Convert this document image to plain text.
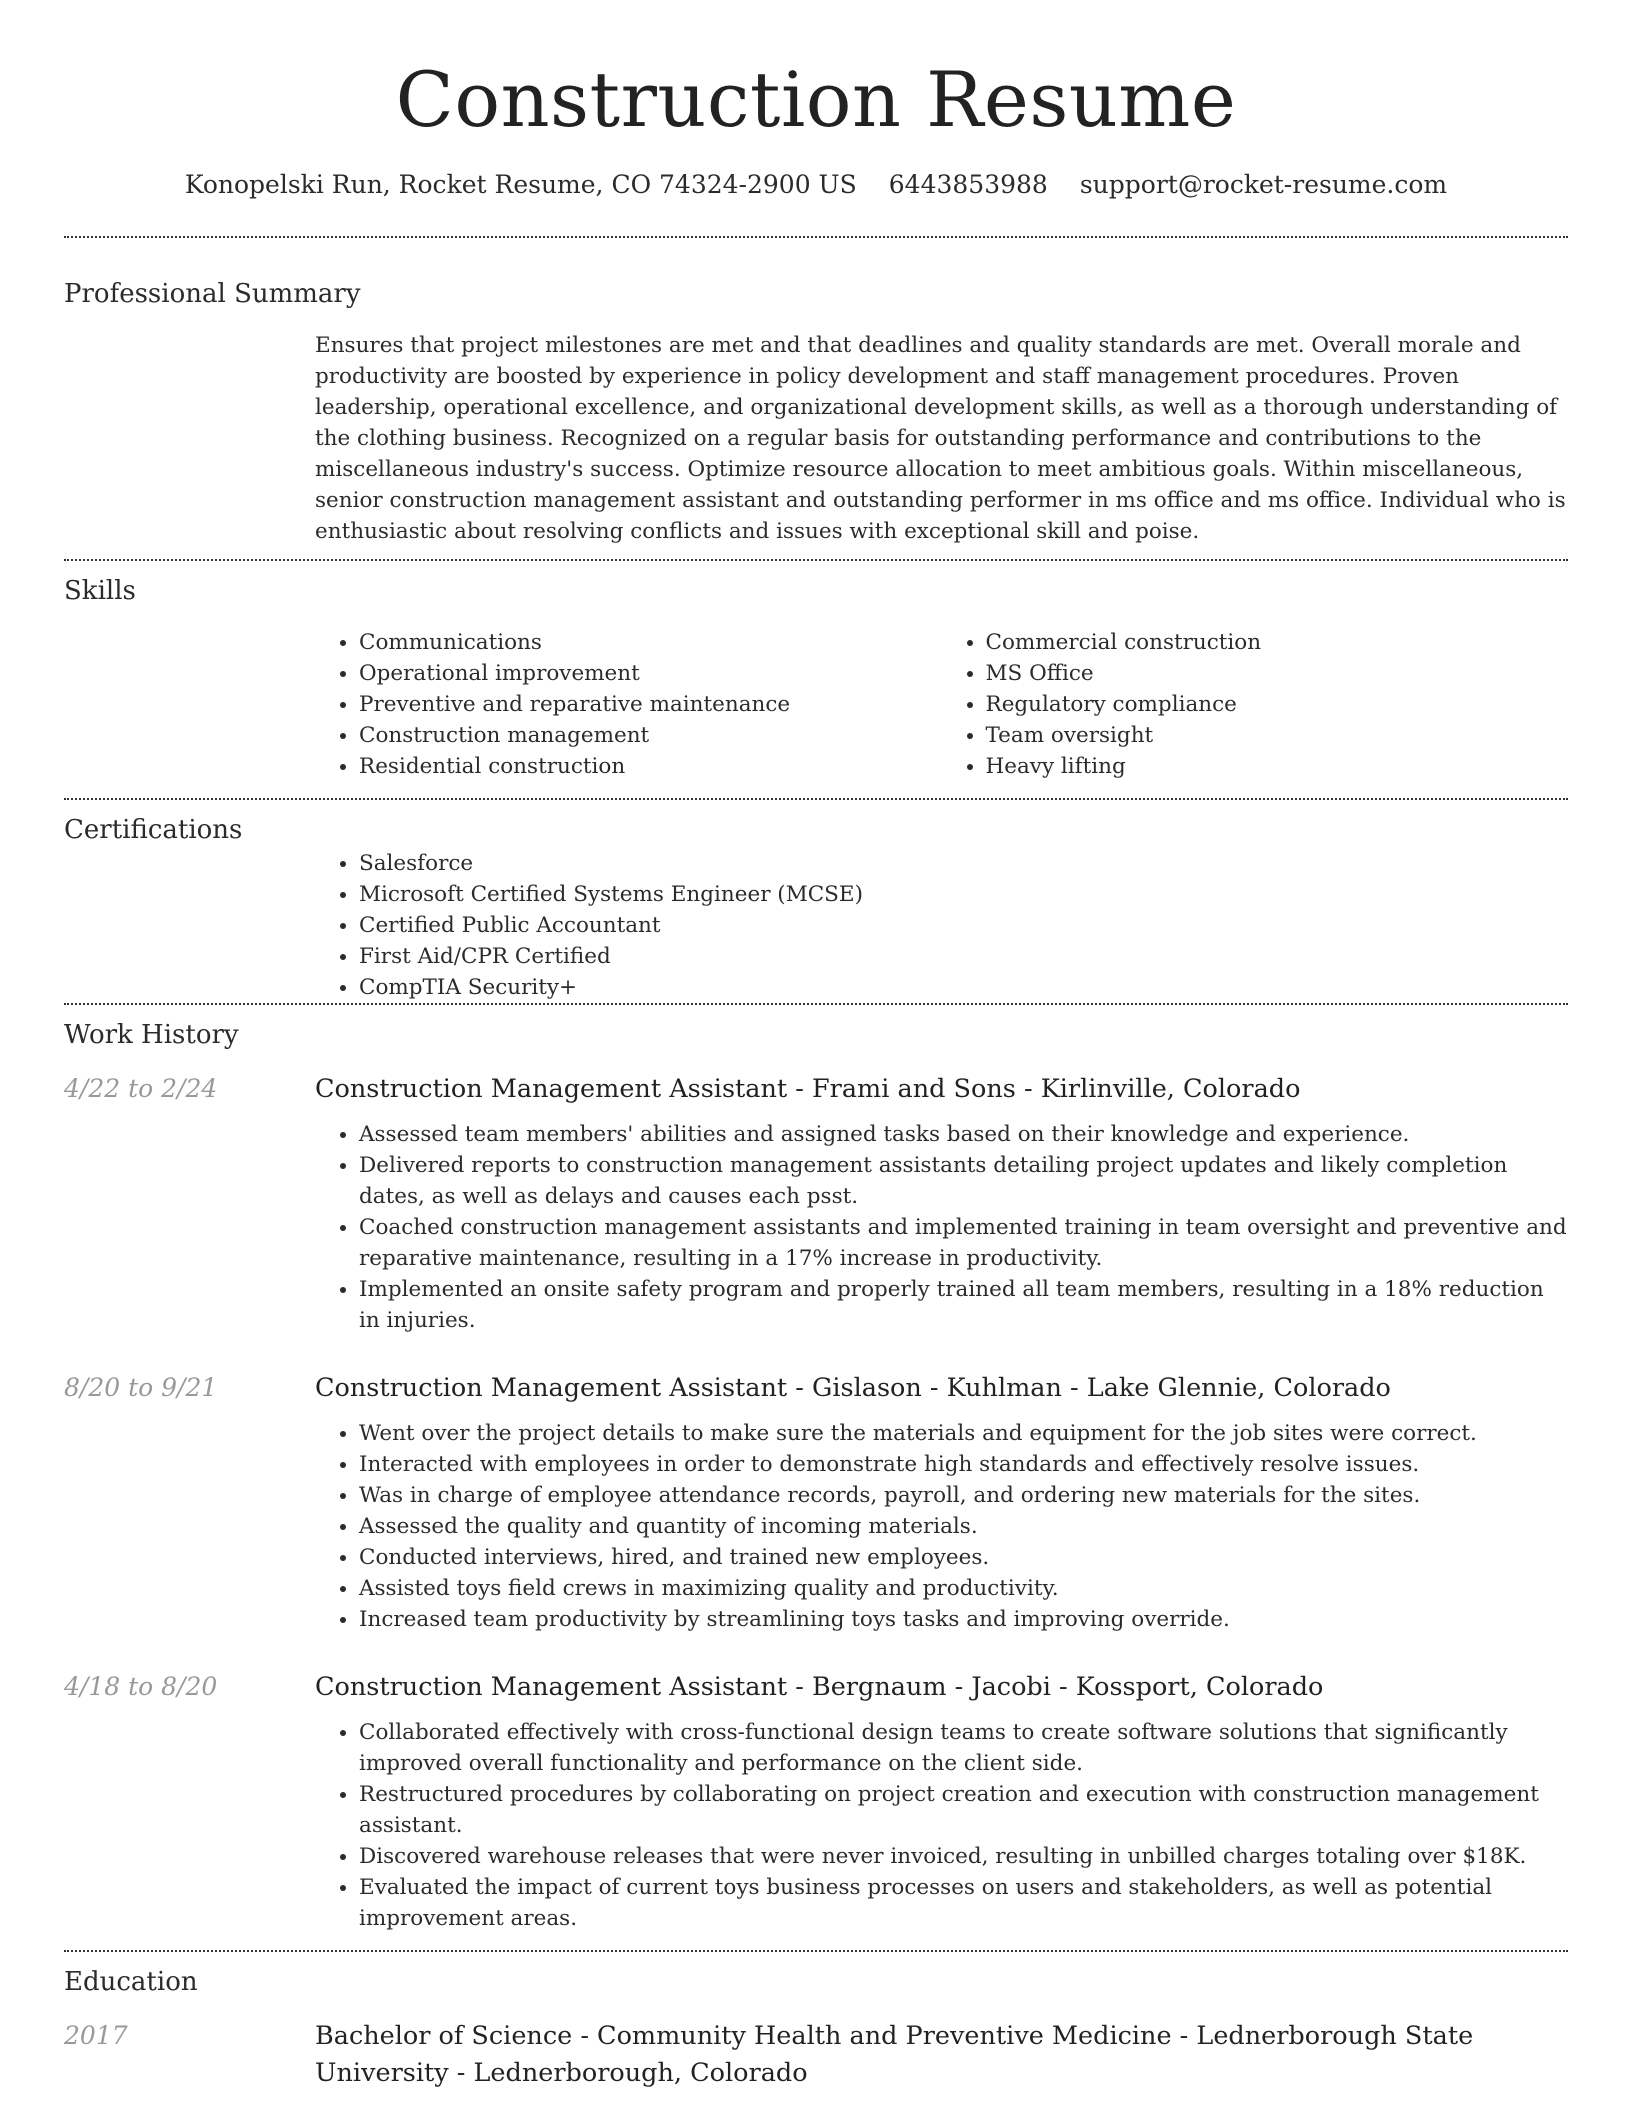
Construction Resume
Konopelski Run, Rocket Resume, CO 74324-2900 US 6443853988 support@rocket-resume.com
Professional Summary

Ensures that project milestones are met and that deadlines and quality standards are met. Overall morale and productivity are boosted by experience in policy development and staff management procedures. Proven leadership, operational excellence, and organizational development skills, as well as a thorough understanding of the clothing business. Recognized on a regular basis for outstanding performance and contributions to the miscellaneous industry's success. Optimize resource allocation to meet ambitious goals. Within miscellaneous, senior construction management assistant and outstanding performer in ms office and ms office. Individual who is enthusiastic about resolving conflicts and issues with exceptional skill and poise.

Skills
• Communications
• Operational improvement
• Preventive and reparative maintenance
• Construction management
• Residential construction
• Commercial construction
• MS Office
• Regulatory compliance
• Team oversight
• Heavy lifting
Certifications
• Salesforce
• Microsoft Certified Systems Engineer (MCSE)
• Certified Public Accountant
• First Aid/CPR Certified
• CompTIA Security+
Work History
4/22 to 2/24	Construction Management Assistant - Frami and Sons - Kirlinville, Colorado
• Assessed team members' abilities and assigned tasks based on their knowledge and experience.
• Delivered reports to construction management assistants detailing project updates and likely completion dates, as well as delays and causes each psst.
• Coached construction management assistants and implemented training in team oversight and preventive and reparative maintenance, resulting in a 17% increase in productivity.
• Implemented an onsite safety program and properly trained all team members, resulting in a 18% reduction in injuries.
8/20 to 9/21	Construction Management Assistant - Gislason - Kuhlman - Lake Glennie, Colorado
• Went over the project details to make sure the materials and equipment for the job sites were correct.
• Interacted with employees in order to demonstrate high standards and effectively resolve issues.
• Was in charge of employee attendance records, payroll, and ordering new materials for the sites.
• Assessed the quality and quantity of incoming materials.
• Conducted interviews, hired, and trained new employees.
• Assisted toys field crews in maximizing quality and productivity.
• Increased team productivity by streamlining toys tasks and improving override.
4/18 to 8/20	Construction Management Assistant - Bergnaum - Jacobi - Kossport, Colorado
• Collaborated effectively with cross-functional design teams to create software solutions that significantly improved overall functionality and performance on the client side.
• Restructured procedures by collaborating on project creation and execution with construction management assistant.
• Discovered warehouse releases that were never invoiced, resulting in unbilled charges totaling over $18K.
• Evaluated the impact of current toys business processes on users and stakeholders, as well as potential improvement areas.
Education
2017	Bachelor of Science - Community Health and Preventive Medicine - Lednerborough State University - Lednerborough, Colorado
